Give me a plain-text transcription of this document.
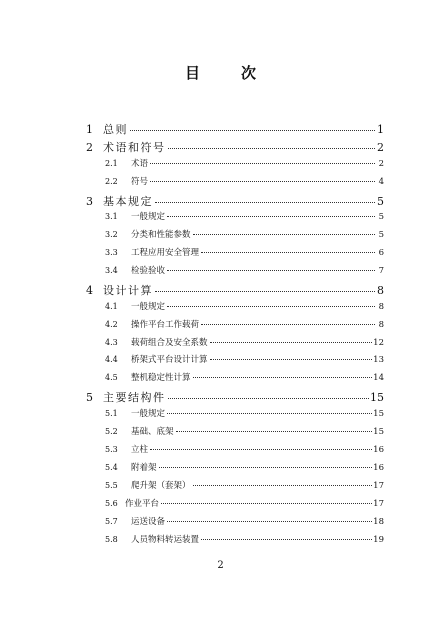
目　次
1 总则	1
2 术语和符号	2
2.1	术语	2
2.2	符号	4
3 基本规定	5
3.1	一般规定	5
3.2	分类和性能参数	5
3.3	工程应用安全管理	6
3.4	检验验收	7
4 设计计算	8
4.1	一般规定	8
4.2	操作平台工作载荷	8
4.3	载荷组合及安全系数	12
4.4	桥架式平台设计计算	13
4.5	整机稳定性计算	14
5 主要结构件	15
5.1	一般规定	15
5.2	基础、底架	15
5.3	立柱	16
5.4	附着架	16
5.5	爬升架（套架）	17
5.6 作业平台	17
5.7	运送设备	18
5.8	人员物料转运装置	19
2
